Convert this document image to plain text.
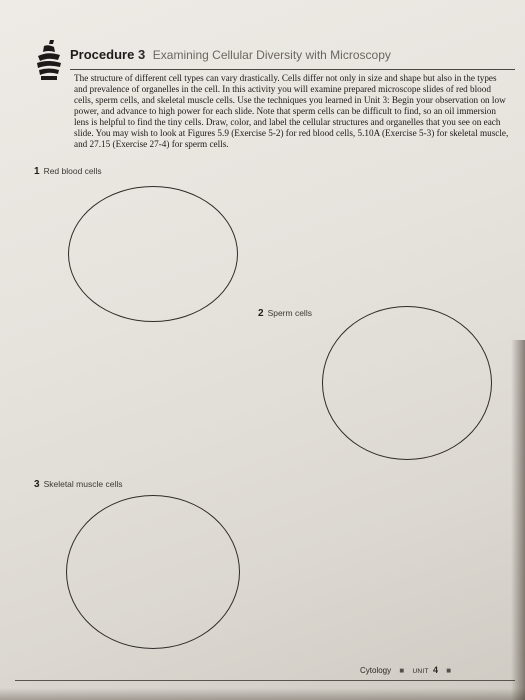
Procedure 3 Examining Cellular Diversity with Microscopy
The structure of different cell types can vary drastically. Cells differ not only in size and shape but also in the types and prevalence of organelles in the cell. In this activity you will examine prepared microscope slides of red blood cells, sperm cells, and skeletal muscle cells. Use the techniques you learned in Unit 3: Begin your observation on low power, and advance to high power for each slide. Note that sperm cells can be difficult to find, so an oil immersion lens is helpful to find the tiny cells. Draw, color, and label the cellular structures and organelles that you see on each slide. You may wish to look at Figures 5.9 (Exercise 5-2) for red blood cells, 5.10A (Exercise 5-3) for skeletal muscle, and 27.15 (Exercise 27-4) for sperm cells.
1 Red blood cells
2 Sperm cells
3 Skeletal muscle cells
Cytology ■ UNIT 4 ■
